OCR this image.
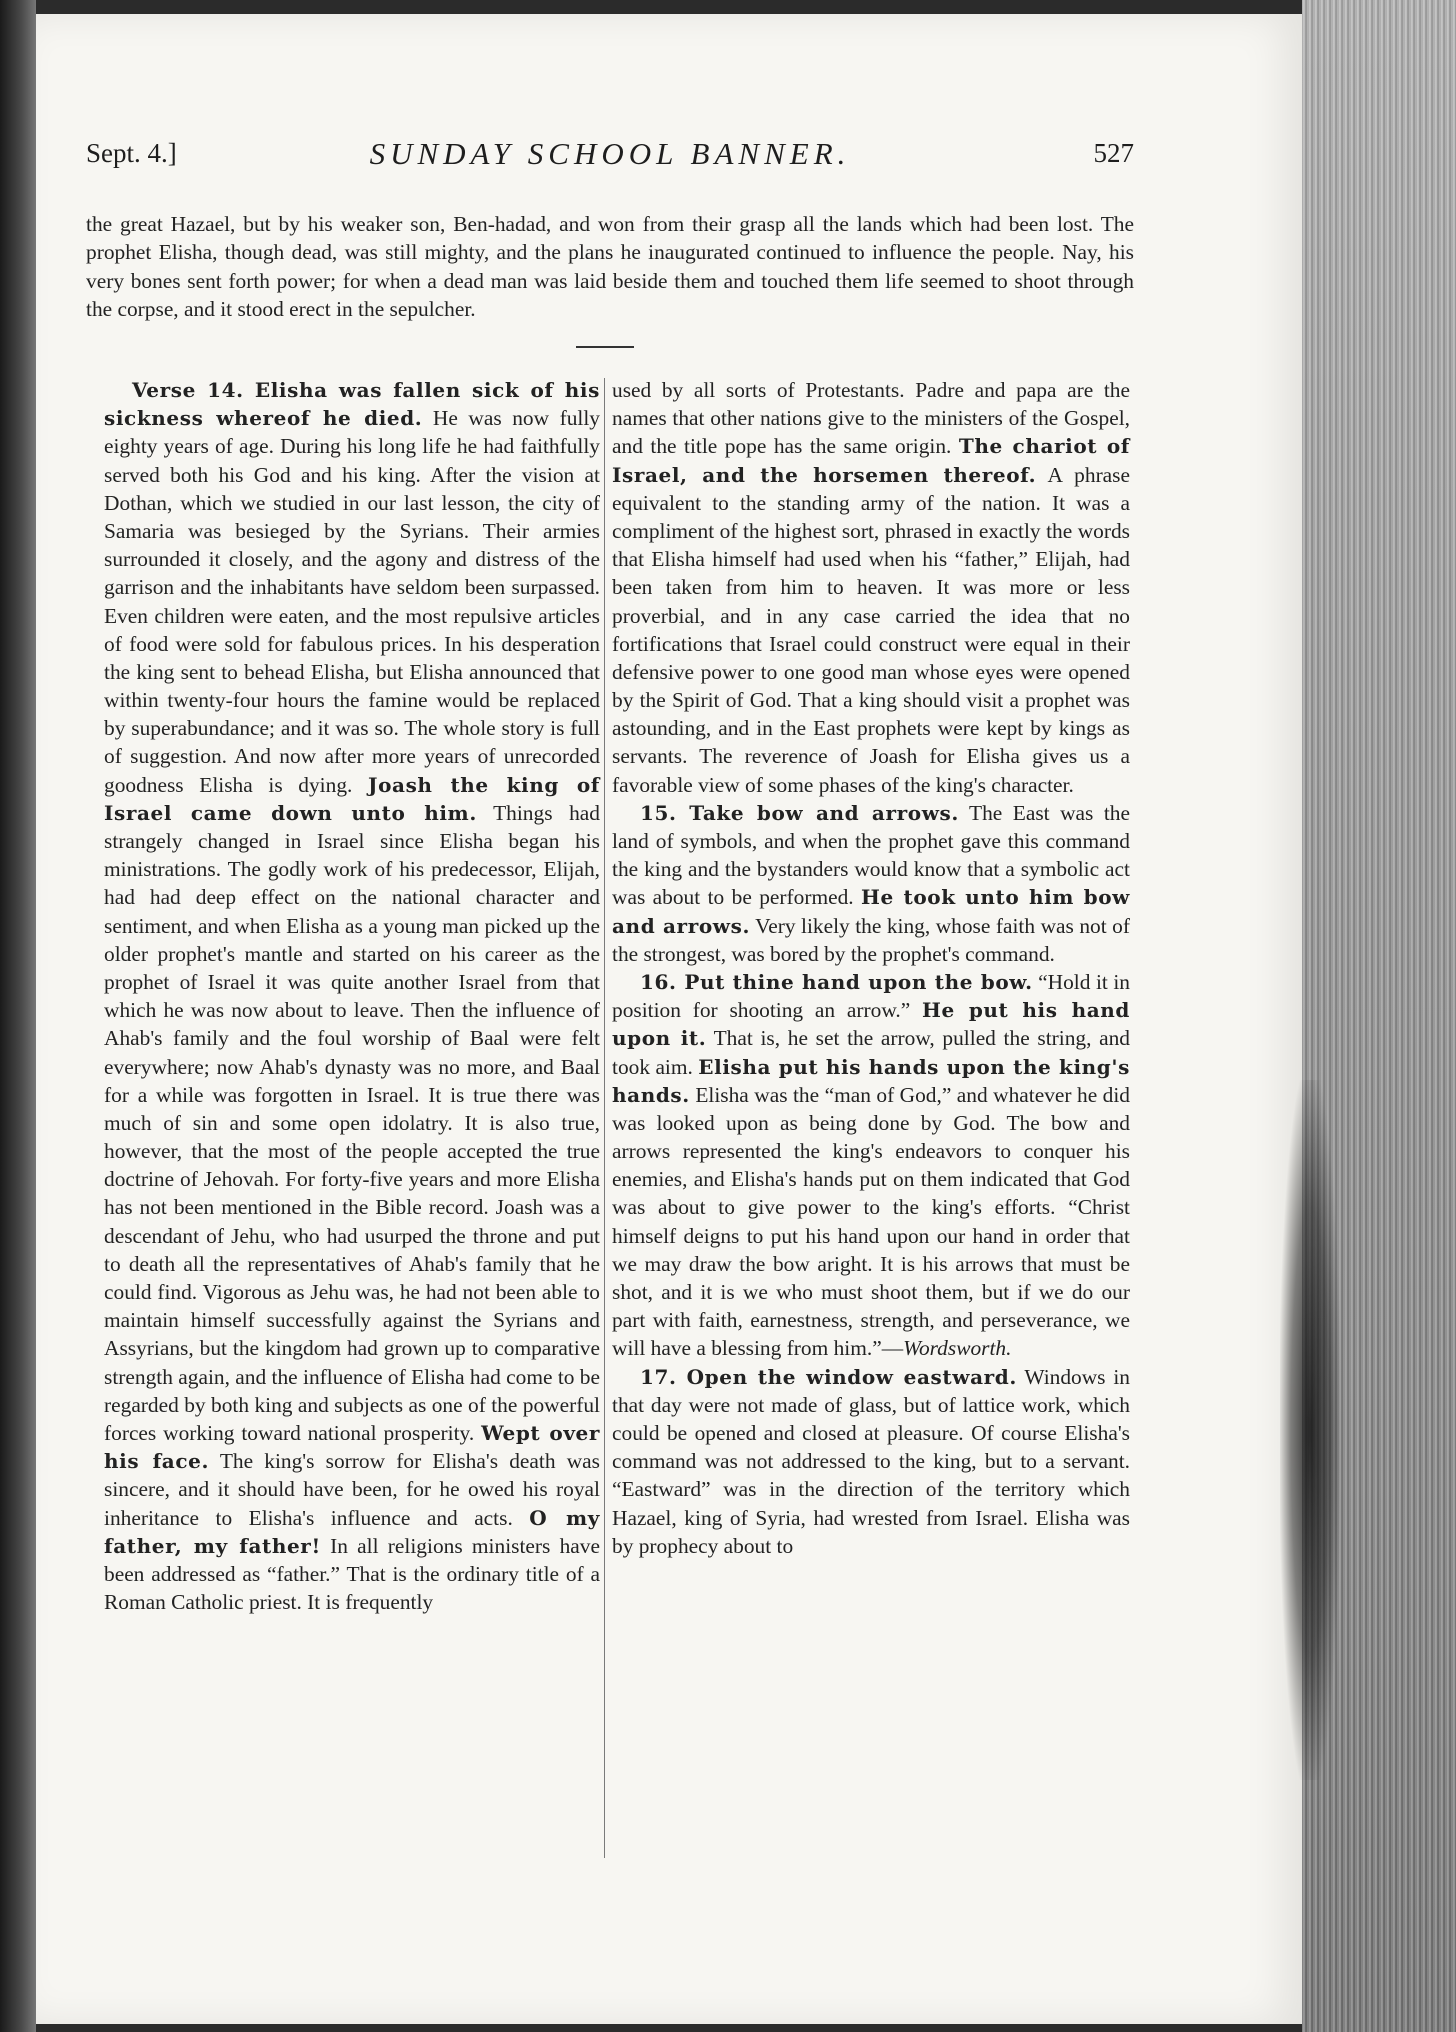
Sept. 4.]	SUNDAY SCHOOL BANNER.	527
the great Hazael, but by his weaker son, Ben-hadad, and won from their grasp all the lands which had been lost. The prophet Elisha, though dead, was still mighty, and the plans he inaugurated continued to influence the people. Nay, his very bones sent forth power; for when a dead man was laid beside them and touched them life seemed to shoot through the corpse, and it stood erect in the sepulcher.

Verse 14. Elisha was fallen sick of his sickness whereof he died. He was now fully eighty years of age. During his long life he had faithfully served both his God and his king. After the vision at Dothan, which we studied in our last lesson, the city of Samaria was besieged by the Syrians. Their armies surrounded it closely, and the agony and distress of the garrison and the inhabitants have seldom been surpassed. Even children were eaten, and the most repulsive articles of food were sold for fabulous prices. In his desperation the king sent to behead Elisha, but Elisha announced that within twenty-four hours the famine would be replaced by superabundance; and it was so. The whole story is full of suggestion. And now after more years of unrecorded goodness Elisha is dying. Joash the king of Israel came down unto him. Things had strangely changed in Israel since Elisha began his ministrations. The godly work of his predecessor, Elijah, had had deep effect on the national character and sentiment, and when Elisha as a young man picked up the older prophet's mantle and started on his career as the prophet of Israel it was quite another Israel from that which he was now about to leave. Then the influence of Ahab's family and the foul worship of Baal were felt everywhere; now Ahab's dynasty was no more, and Baal for a while was forgotten in Israel. It is true there was much of sin and some open idolatry. It is also true, however, that the most of the people accepted the true doctrine of Jehovah. For forty-five years and more Elisha has not been mentioned in the Bible record. Joash was a descendant of Jehu, who had usurped the throne and put to death all the representatives of Ahab's family that he could find. Vigorous as Jehu was, he had not been able to maintain himself successfully against the Syrians and Assyrians, but the kingdom had grown up to comparative strength again, and the influence of Elisha had come to be regarded by both king and subjects as one of the powerful forces working toward national prosperity. Wept over his face. The king's sorrow for Elisha's death was sincere, and it should have been, for he owed his royal inheritance to Elisha's influence and acts. O my father, my father! In all religions ministers have been addressed as “father.” That is the ordinary title of a Roman Catholic priest. It is frequently

used by all sorts of Protestants. Padre and papa are the names that other nations give to the ministers of the Gospel, and the title pope has the same origin. The chariot of Israel, and the horsemen thereof. A phrase equivalent to the standing army of the nation. It was a compliment of the highest sort, phrased in exactly the words that Elisha himself had used when his “father,” Elijah, had been taken from him to heaven. It was more or less proverbial, and in any case carried the idea that no fortifications that Israel could construct were equal in their defensive power to one good man whose eyes were opened by the Spirit of God. That a king should visit a prophet was astounding, and in the East prophets were kept by kings as servants. The reverence of Joash for Elisha gives us a favorable view of some phases of the king's character.

15. Take bow and arrows. The East was the land of symbols, and when the prophet gave this command the king and the bystanders would know that a symbolic act was about to be performed. He took unto him bow and arrows. Very likely the king, whose faith was not of the strongest, was bored by the prophet's command.

16. Put thine hand upon the bow. “Hold it in position for shooting an arrow.” He put his hand upon it. That is, he set the arrow, pulled the string, and took aim. Elisha put his hands upon the king's hands. Elisha was the “man of God,” and whatever he did was looked upon as being done by God. The bow and arrows represented the king's endeavors to conquer his enemies, and Elisha's hands put on them indicated that God was about to give power to the king's efforts. “Christ himself deigns to put his hand upon our hand in order that we may draw the bow aright. It is his arrows that must be shot, and it is we who must shoot them, but if we do our part with faith, earnestness, strength, and perseverance, we will have a blessing from him.”—Wordsworth.

17. Open the window eastward. Windows in that day were not made of glass, but of lattice work, which could be opened and closed at pleasure. Of course Elisha's command was not addressed to the king, but to a servant. “Eastward” was in the direction of the territory which Hazael, king of Syria, had wrested from Israel. Elisha was by prophecy about to
